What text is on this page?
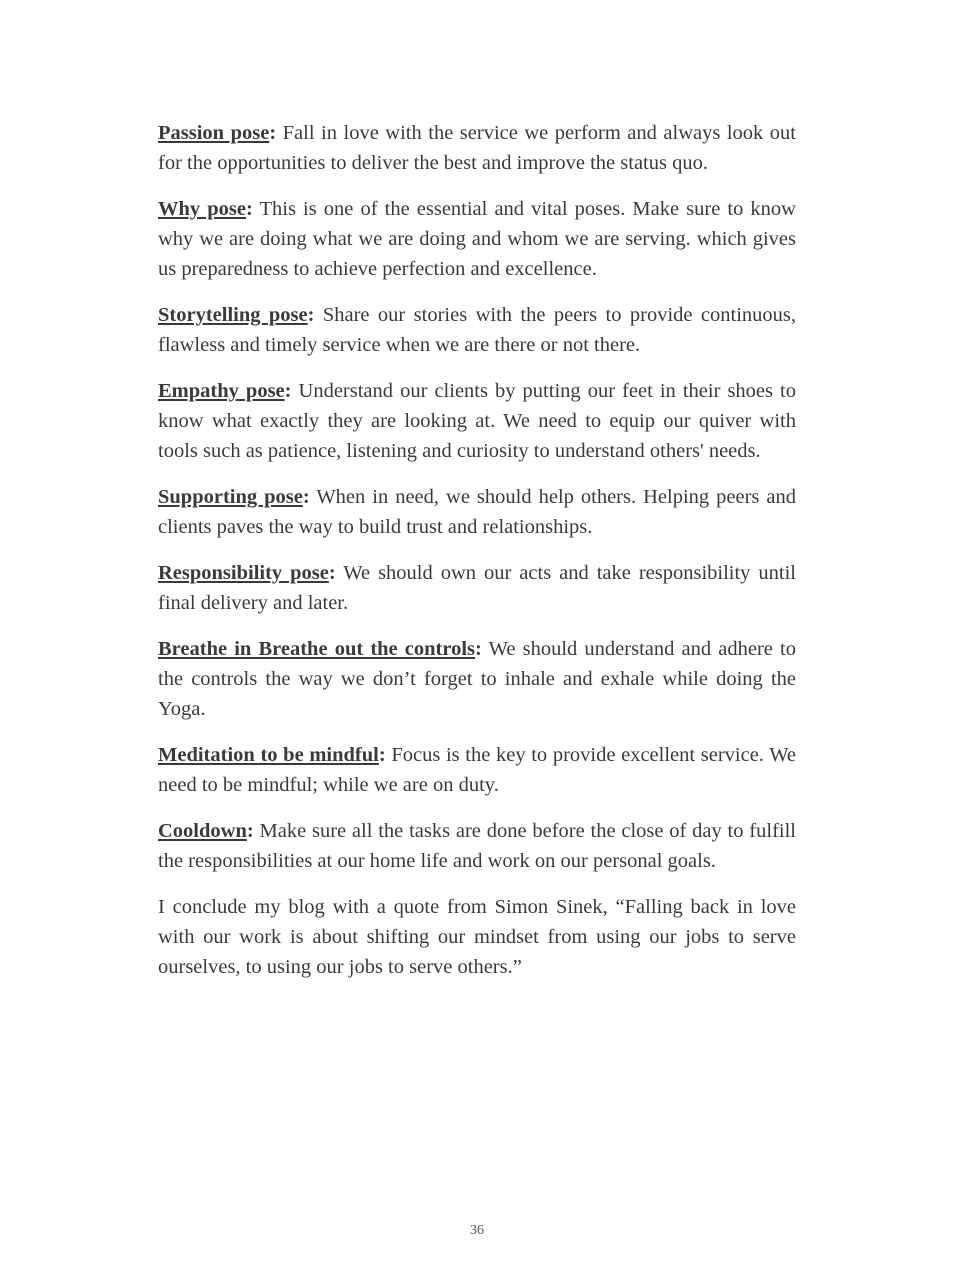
Passion pose: Fall in love with the service we perform and always look out for the opportunities to deliver the best and improve the status quo.

Why pose: This is one of the essential and vital poses. Make sure to know why we are doing what we are doing and whom we are serving. which gives us preparedness to achieve perfection and excellence.

Storytelling pose: Share our stories with the peers to provide continuous, flawless and timely service when we are there or not there.

Empathy pose: Understand our clients by putting our feet in their shoes to know what exactly they are looking at. We need to equip our quiver with tools such as patience, listening and curiosity to understand others' needs.

Supporting pose: When in need, we should help others. Helping peers and clients paves the way to build trust and relationships.

Responsibility pose: We should own our acts and take responsibility until final delivery and later.

Breathe in Breathe out the controls: We should understand and adhere to the controls the way we don’t forget to inhale and exhale while doing the Yoga.

Meditation to be mindful: Focus is the key to provide excellent service. We need to be mindful; while we are on duty.

Cooldown: Make sure all the tasks are done before the close of day to fulfill the responsibilities at our home life and work on our personal goals.

I conclude my blog with a quote from Simon Sinek, “Falling back in love with our work is about shifting our mindset from using our jobs to serve ourselves, to using our jobs to serve others.”

36
